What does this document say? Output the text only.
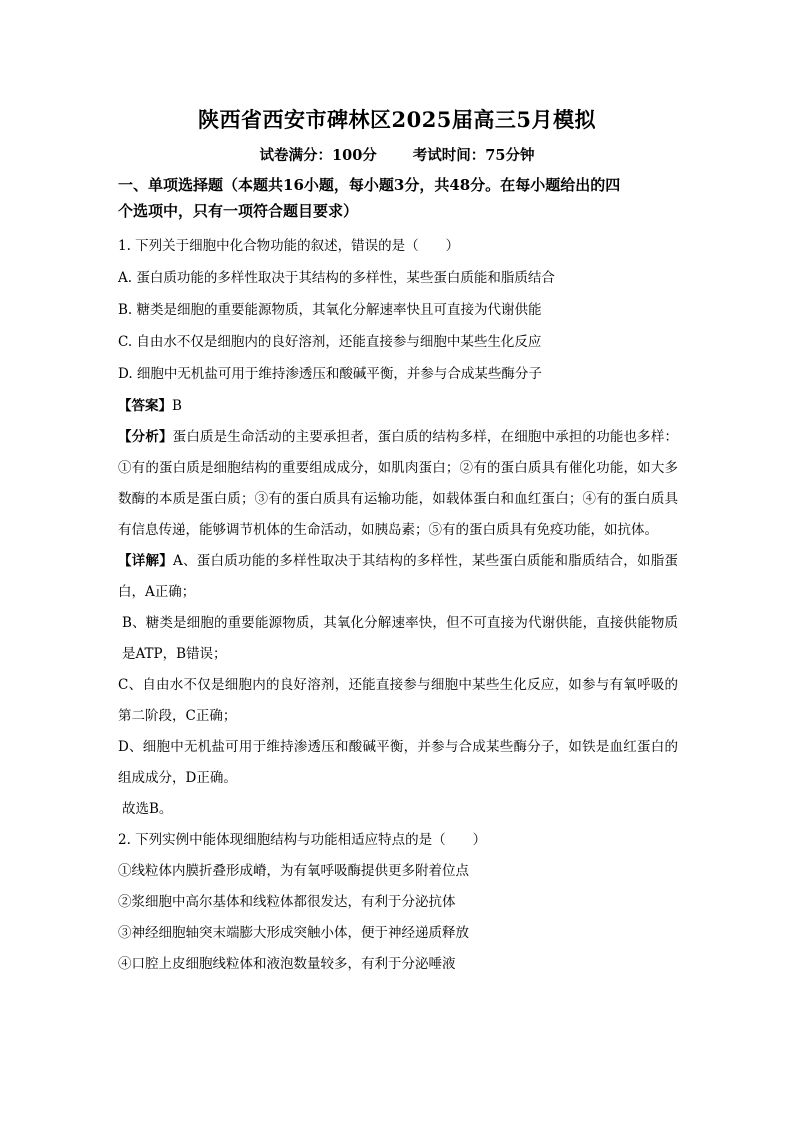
陕西省西安市碑林区2025届高三5月模拟
试卷满分：100分 考试时间：75分钟

一、单项选择题（本题共16小题，每小题3分，共48分。在每小题给出的四

个选项中，只有一项符合题目要求）

1. 下列关于细胞中化合物功能的叙述，错误的是（　　）

A. 蛋白质功能的多样性取决于其结构的多样性，某些蛋白质能和脂质结合

B. 糖类是细胞的重要能源物质，其氧化分解速率快且可直接为代谢供能

C. 自由水不仅是细胞内的良好溶剂，还能直接参与细胞中某些生化反应

D. 细胞中无机盐可用于维持渗透压和酸碱平衡，并参与合成某些酶分子

【答案】B

【分析】蛋白质是生命活动的主要承担者，蛋白质的结构多样，在细胞中承担的功能也多样：①有的蛋白质是细胞结构的重要组成成分，如肌肉蛋白；②有的蛋白质具有催化功能，如大多数酶的本质是蛋白质；③有的蛋白质具有运输功能，如载体蛋白和血红蛋白；④有的蛋白质具有信息传递，能够调节机体的生命活动，如胰岛素；⑤有的蛋白质具有免疫功能，如抗体。

【详解】A、蛋白质功能的多样性取决于其结构的多样性，某些蛋白质能和脂质结合，如脂蛋白，A正确；

B、糖类是细胞的重要能源物质，其氧化分解速率快，但不可直接为代谢供能，直接供能物质是ATP，B错误；

C、自由水不仅是细胞内的良好溶剂，还能直接参与细胞中某些生化反应，如参与有氧呼吸的第二阶段，C正确；

D、细胞中无机盐可用于维持渗透压和酸碱平衡，并参与合成某些酶分子，如铁是血红蛋白的组成成分，D正确。

故选B。

2. 下列实例中能体现细胞结构与功能相适应特点的是（　　）

①线粒体内膜折叠形成嵴，为有氧呼吸酶提供更多附着位点

②浆细胞中高尔基体和线粒体都很发达，有利于分泌抗体

③神经细胞轴突末端膨大形成突触小体，便于神经递质释放

④口腔上皮细胞线粒体和液泡数量较多，有利于分泌唾液
